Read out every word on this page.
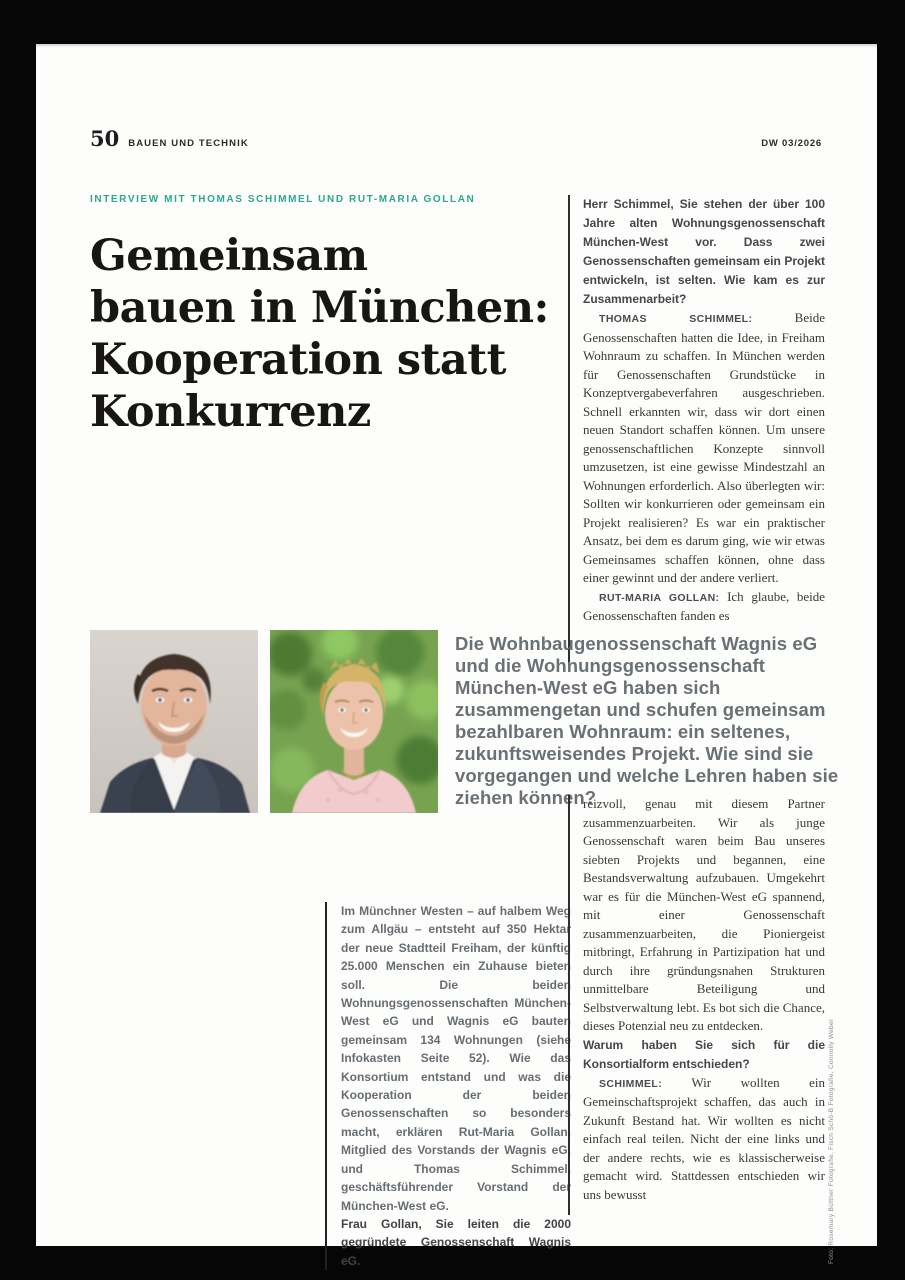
50 BAUEN UND TECHNIK	DW 03/2026
INTERVIEW MIT THOMAS SCHIMMEL UND RUT-MARIA GOLLAN
Gemeinsam
bauen in München:
Kooperation statt
Konkurrenz

Herr Schimmel, Sie stehen der über 100 Jahre alten Wohnungsgenossenschaft München-West vor. Dass zwei Genossenschaften gemeinsam ein Projekt entwickeln, ist selten. Wie kam es zur Zusammenarbeit?

THOMAS SCHIMMEL: Beide Genossenschaften hatten die Idee, in Freiham Wohnraum zu schaffen. In München werden für Genossenschaften Grundstücke in Konzeptvergabeverfahren ausgeschrieben. Schnell erkannten wir, dass wir dort einen neuen Standort schaffen können. Um unsere genossenschaftlichen Konzepte sinnvoll umzusetzen, ist eine gewisse Mindestzahl an Wohnungen erforderlich. Also überlegten wir: Sollten wir konkurrieren oder gemeinsam ein Projekt realisieren? Es war ein praktischer Ansatz, bei dem es darum ging, wie wir etwas Gemeinsames schaffen können, ohne dass einer gewinnt und der andere verliert.

RUT-MARIA GOLLAN: Ich glaube, beide Genossenschaften fanden es

Die Wohnbaugenossenschaft Wagnis eG und die Wohnungsgenossenschaft München-West eG haben sich zusammengetan und schufen gemeinsam bezahlbaren Wohnraum: ein seltenes, zukunftsweisendes Projekt. Wie sind sie vorgegangen und welche Lehren haben sie ziehen können?

Im Münchner Westen – auf halbem Weg zum Allgäu – entsteht auf 350 Hektar der neue Stadtteil Freiham, der künftig 25.000 Menschen ein Zuhause bieten soll. Die beiden Wohnungsgenossenschaften München-West eG und Wagnis eG bauten gemeinsam 134 Wohnungen (siehe Infokasten Seite 52). Wie das Konsortium entstand und was die Kooperation der beiden Genossenschaften so besonders macht, erklären Rut-Maria Gollan, Mitglied des Vorstands der Wagnis eG, und Thomas Schimmel, geschäftsführender Vorstand der München-West eG.

Frau Gollan, Sie leiten die 2000 gegründete Genossenschaft Wagnis eG.

reizvoll, genau mit diesem Partner zusammenzuarbeiten. Wir als junge Genossenschaft waren beim Bau unseres siebten Projekts und begannen, eine Bestandsverwaltung aufzubauen. Umgekehrt war es für die München-West eG spannend, mit einer Genossenschaft zusammenzuarbeiten, die Pioniergeist mitbringt, Erfahrung in Partizipation hat und durch ihre gründungsnahen Strukturen unmittelbare Beteiligung und Selbstverwaltung lebt. Es bot sich die Chance, dieses Potenzial neu zu entdecken.

Warum haben Sie sich für die Konsortialform entschieden?

SCHIMMEL: Wir wollten ein Gemeinschaftsprojekt schaffen, das auch in Zukunft Bestand hat. Wir wollten es nicht einfach real teilen. Nicht der eine links und der andere rechts, wie es klassischerweise gemacht wird. Stattdessen entschieden wir uns bewusst	Foto: Rosemary Büttner Fotografie, Fisch Schö-B Fotografie, Connolly Weber
